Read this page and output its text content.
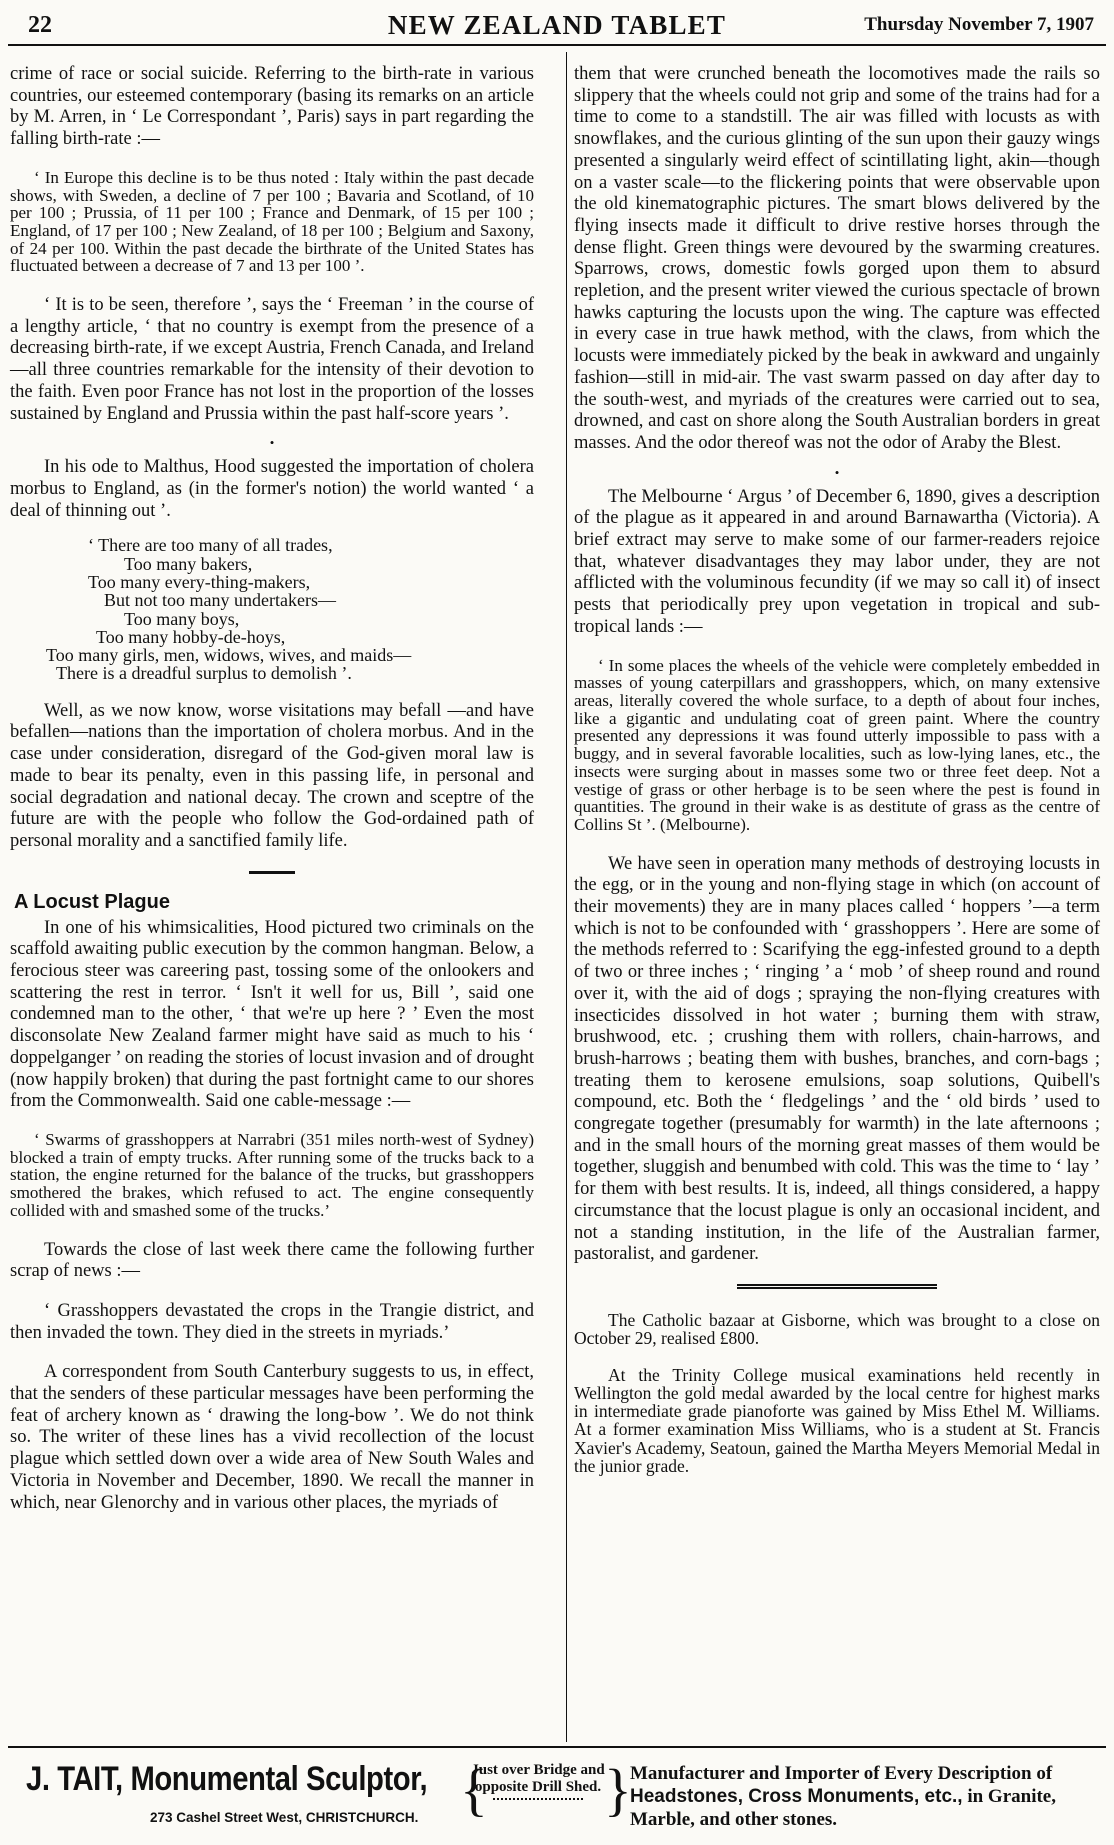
22	NEW ZEALAND TABLET	Thursday November 7, 1907

crime of race or social suicide. Referring to the birth-rate in various countries, our esteemed contemporary (basing its remarks on an article by M. Arren, in ‘ Le Correspondant ’, Paris) says in part regarding the falling birth-rate :—

‘ In Europe this decline is to be thus noted : Italy within the past decade shows, with Sweden, a decline of 7 per 100 ; Bavaria and Scotland, of 10 per 100 ; Prussia, of 11 per 100 ; France and Denmark, of 15 per 100 ; England, of 17 per 100 ; New Zealand, of 18 per 100 ; Belgium and Saxony, of 24 per 100. Within the past decade the birthrate of the United States has fluctuated between a decrease of 7 and 13 per 100 ’.

‘ It is to be seen, therefore ’, says the ‘ Freeman ’ in the course of a lengthy article, ‘ that no country is exempt from the presence of a decreasing birth-rate, if we except Austria, French Canada, and Ireland—all three countries remarkable for the intensity of their devotion to the faith. Even poor France has not lost in the proportion of the losses sustained by England and Prussia within the past half-score years ’.

•

In his ode to Malthus, Hood suggested the importation of cholera morbus to England, as (in the former's notion) the world wanted ‘ a deal of thinning out ’.

‘ There are too many of all trades,
Too many bakers,
Too many every-thing-makers,
But not too many undertakers—
Too many boys,
Too many hobby-de-hoys,
Too many girls, men, widows, wives, and maids—
There is a dreadful surplus to demolish ’.

Well, as we now know, worse visitations may befall —and have befallen—nations than the importation of cholera morbus. And in the case under consideration, disregard of the God-given moral law is made to bear its penalty, even in this passing life, in personal and social degradation and national decay. The crown and sceptre of the future are with the people who follow the God-ordained path of personal morality and a sanctified family life.

A Locust Plague

In one of his whimsicalities, Hood pictured two criminals on the scaffold awaiting public execution by the common hangman. Below, a ferocious steer was careering past, tossing some of the onlookers and scattering the rest in terror. ‘ Isn't it well for us, Bill ’, said one condemned man to the other, ‘ that we're up here ? ’ Even the most disconsolate New Zealand farmer might have said as much to his ‘ doppelganger ’ on reading the stories of locust invasion and of drought (now happily broken) that during the past fortnight came to our shores from the Commonwealth. Said one cable-message :—

‘ Swarms of grasshoppers at Narrabri (351 miles north-west of Sydney) blocked a train of empty trucks. After running some of the trucks back to a station, the engine returned for the balance of the trucks, but grasshoppers smothered the brakes, which refused to act. The engine consequently collided with and smashed some of the trucks.’

Towards the close of last week there came the following further scrap of news :—

‘ Grasshoppers devastated the crops in the Trangie district, and then invaded the town. They died in the streets in myriads.’

A correspondent from South Canterbury suggests to us, in effect, that the senders of these particular messages have been performing the feat of archery known as ‘ drawing the long-bow ’. We do not think so. The writer of these lines has a vivid recollection of the locust plague which settled down over a wide area of New South Wales and Victoria in November and December, 1890. We recall the manner in which, near Glenorchy and in various other places, the myriads of

them that were crunched beneath the locomotives made the rails so slippery that the wheels could not grip and some of the trains had for a time to come to a standstill. The air was filled with locusts as with snowflakes, and the curious glinting of the sun upon their gauzy wings presented a singularly weird effect of scintillating light, akin—though on a vaster scale—to the flickering points that were observable upon the old kinematographic pictures. The smart blows delivered by the flying insects made it difficult to drive restive horses through the dense flight. Green things were devoured by the swarming creatures. Sparrows, crows, domestic fowls gorged upon them to absurd repletion, and the present writer viewed the curious spectacle of brown hawks capturing the locusts upon the wing. The capture was effected in every case in true hawk method, with the claws, from which the locusts were immediately picked by the beak in awkward and ungainly fashion—still in mid-air. The vast swarm passed on day after day to the south-west, and myriads of the creatures were carried out to sea, drowned, and cast on shore along the South Australian borders in great masses. And the odor thereof was not the odor of Araby the Blest.

•

The Melbourne ‘ Argus ’ of December 6, 1890, gives a description of the plague as it appeared in and around Barnawartha (Victoria). A brief extract may serve to make some of our farmer-readers rejoice that, whatever disadvantages they may labor under, they are not afflicted with the voluminous fecundity (if we may so call it) of insect pests that periodically prey upon vegetation in tropical and sub-tropical lands :—

‘ In some places the wheels of the vehicle were completely embedded in masses of young caterpillars and grasshoppers, which, on many extensive areas, literally covered the whole surface, to a depth of about four inches, like a gigantic and undulating coat of green paint. Where the country presented any depressions it was found utterly impossible to pass with a buggy, and in several favorable localities, such as low-lying lanes, etc., the insects were surging about in masses some two or three feet deep. Not a vestige of grass or other herbage is to be seen where the pest is found in quantities. The ground in their wake is as destitute of grass as the centre of Collins St ’. (Melbourne).

We have seen in operation many methods of destroying locusts in the egg, or in the young and non-flying stage in which (on account of their movements) they are in many places called ‘ hoppers ’—a term which is not to be confounded with ‘ grasshoppers ’. Here are some of the methods referred to : Scarifying the egg-infested ground to a depth of two or three inches ; ‘ ringing ’ a ‘ mob ’ of sheep round and round over it, with the aid of dogs ; spraying the non-flying creatures with insecticides dissolved in hot water ; burning them with straw, brushwood, etc. ; crushing them with rollers, chain-harrows, and brush-harrows ; beating them with bushes, branches, and corn-bags ; treating them to kerosene emulsions, soap solutions, Quibell's compound, etc. Both the ‘ fledgelings ’ and the ‘ old birds ’ used to congregate together (presumably for warmth) in the late afternoons ; and in the small hours of the morning great masses of them would be together, sluggish and benumbed with cold. This was the time to ‘ lay ’ for them with best results. It is, indeed, all things considered, a happy circumstance that the locust plague is only an occasional incident, and not a standing institution, in the life of the Australian farmer, pastoralist, and gardener.

The Catholic bazaar at Gisborne, which was brought to a close on October 29, realised £800.

At the Trinity College musical examinations held recently in Wellington the gold medal awarded by the local centre for highest marks in intermediate grade pianoforte was gained by Miss Ethel M. Williams. At a former examination Miss Williams, who is a student at St. Francis Xavier's Academy, Seatoun, gained the Martha Meyers Memorial Medal in the junior grade.

J. TAIT, Monumental Sculptor,
273 Cashel Street West, CHRISTCHURCH. {
Just over Bridge and opposite Drill Shed. }
Manufacturer and Importer of Every Description of Headstones, Cross Monuments, etc., in Granite, Marble, and other stones.
